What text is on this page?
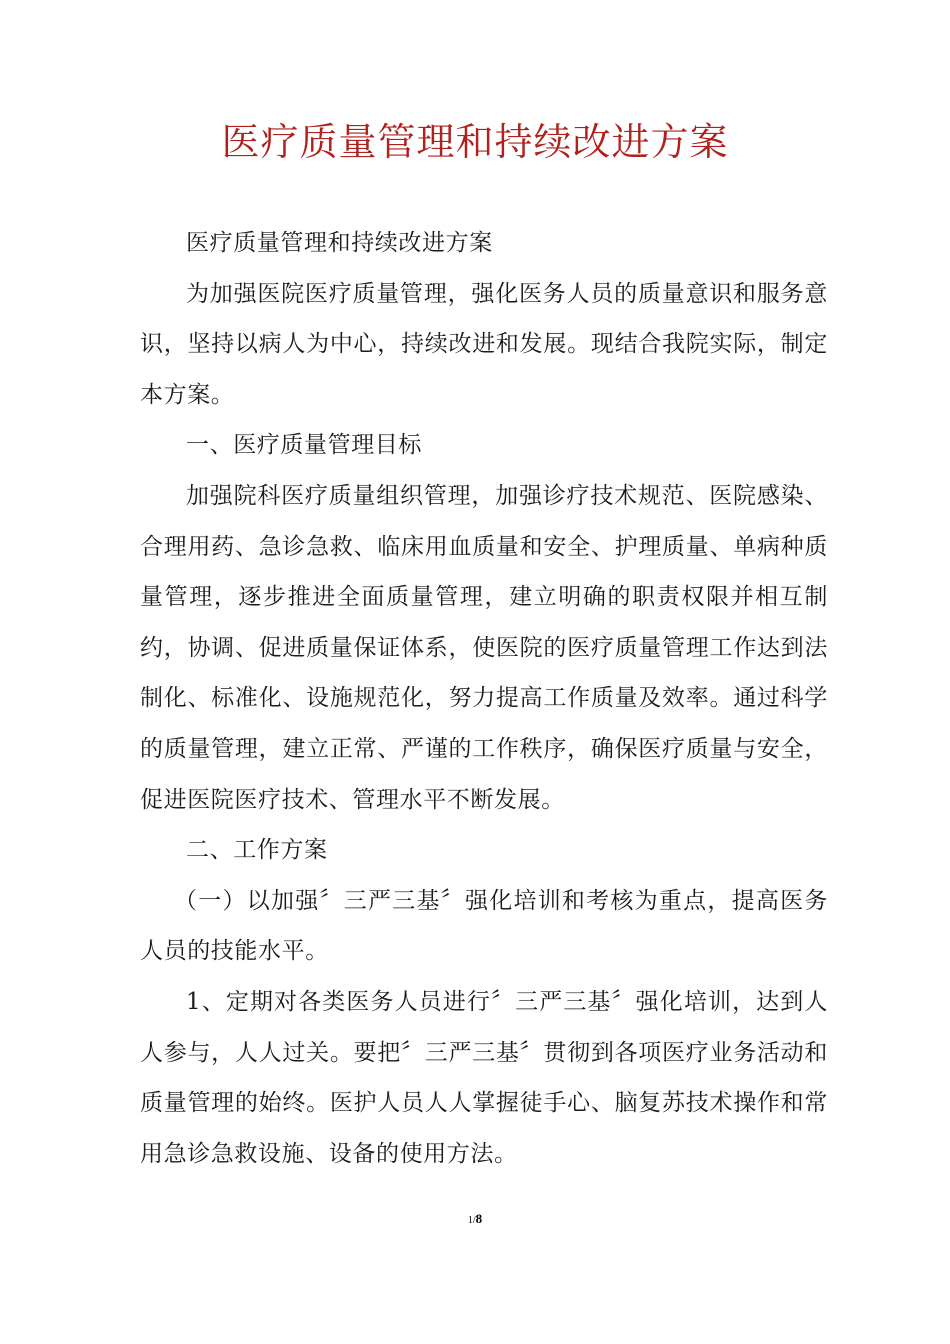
医疗质量管理和持续改进方案

医疗质量管理和持续改进方案

为加强医院医疗质量管理，强化医务人员的质量意识和服务意识，坚持以病人为中心，持续改进和发展。现结合我院实际，制定本方案。

一、医疗质量管理目标

加强院科医疗质量组织管理，加强诊疗技术规范、医院感染、合理用药、急诊急救、临床用血质量和安全、护理质量、单病种质量管理，逐步推进全面质量管理，建立明确的职责权限并相互制约，协调、促进质量保证体系，使医院的医疗质量管理工作达到法制化、标准化、设施规范化，努力提高工作质量及效率。通过科学的质量管理，建立正常、严谨的工作秩序，确保医疗质量与安全，促进医院医疗技术、管理水平不断发展。

二、工作方案

（一）以加强〞三严三基〞强化培训和考核为重点，提高医务人员的技能水平。

1、定期对各类医务人员进行〞三严三基〞强化培训，达到人人参与，人人过关。要把〞三严三基〞贯彻到各项医疗业务活动和质量管理的始终。医护人员人人掌握徒手心、脑复苏技术操作和常用急诊急救设施、设备的使用方法。

1/8
